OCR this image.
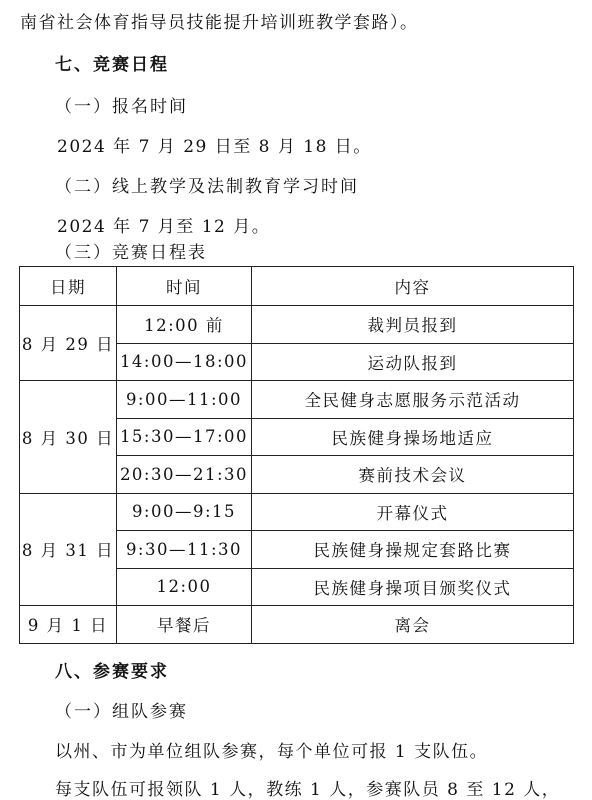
南省社会体育指导员技能提升培训班教学套路）。
七、竞赛日程
（一）报名时间
2024 年 7 月 29 日至 8 月 18 日。
（二）线上教学及法制教育学习时间
2024 年 7 月至 12 月。
（三）竞赛日程表
日期	时间	内容
8 月 29 日	12:00 前	裁判员报到
	14:00—18:00	运动队报到
8 月 30 日	9:00—11:00	全民健身志愿服务示范活动
	15:30—17:00	民族健身操场地适应
	20:30—21:30	赛前技术会议
8 月 31 日	9:00—9:15	开幕仪式
	9:30—11:30	民族健身操规定套路比赛
	12:00	民族健身操项目颁奖仪式
9 月 1 日	早餐后	离会
八、参赛要求
（一）组队参赛
以州、市为单位组队参赛，每个单位可报 1 支队伍。
每支队伍可报领队 1 人，教练 1 人，参赛队员 8 至 12 人，
